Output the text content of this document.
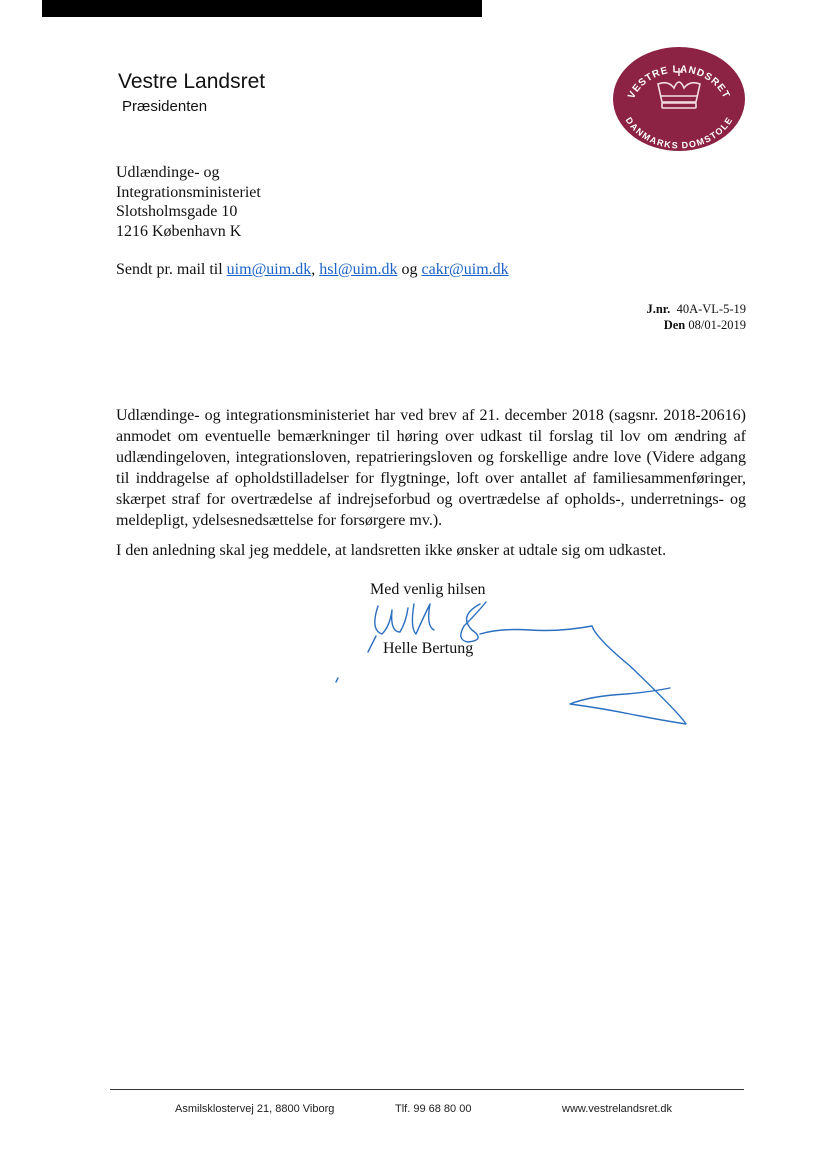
Vestre Landsret
Præsidenten
VESTRE LANDSRET
DANMARKS DOMSTOLE
Udlændinge- og
Integrationsministeriet
Slotsholmsgade 10
1216 København K
Sendt pr. mail til uim@uim.dk, hsl@uim.dk og cakr@uim.dk
J.nr. 40A-VL-5-19
Den 08/01-2019

Udlændinge- og integrationsministeriet har ved brev af 21. december 2018 (sagsnr. 2018-20616) anmodet om eventuelle bemærkninger til høring over udkast til forslag til lov om ændring af udlændingeloven, integrationsloven, repatrieringsloven og forskellige andre love (Videre adgang til inddragelse af opholdstilladelser for flygtninge, loft over antallet af familiesammenføringer, skærpet straf for overtrædelse af indrejseforbud og overtrædelse af opholds-, underretnings- og meldepligt, ydelsesnedsættelse for forsørgere mv.).

I den anledning skal jeg meddele, at landsretten ikke ønsker at udtale sig om udkastet.
Med venlig hilsen
Helle Bertung
Asmilsklostervej 21, 8800 Viborg	Tlf. 99 68 80 00	www.vestrelandsret.dk
